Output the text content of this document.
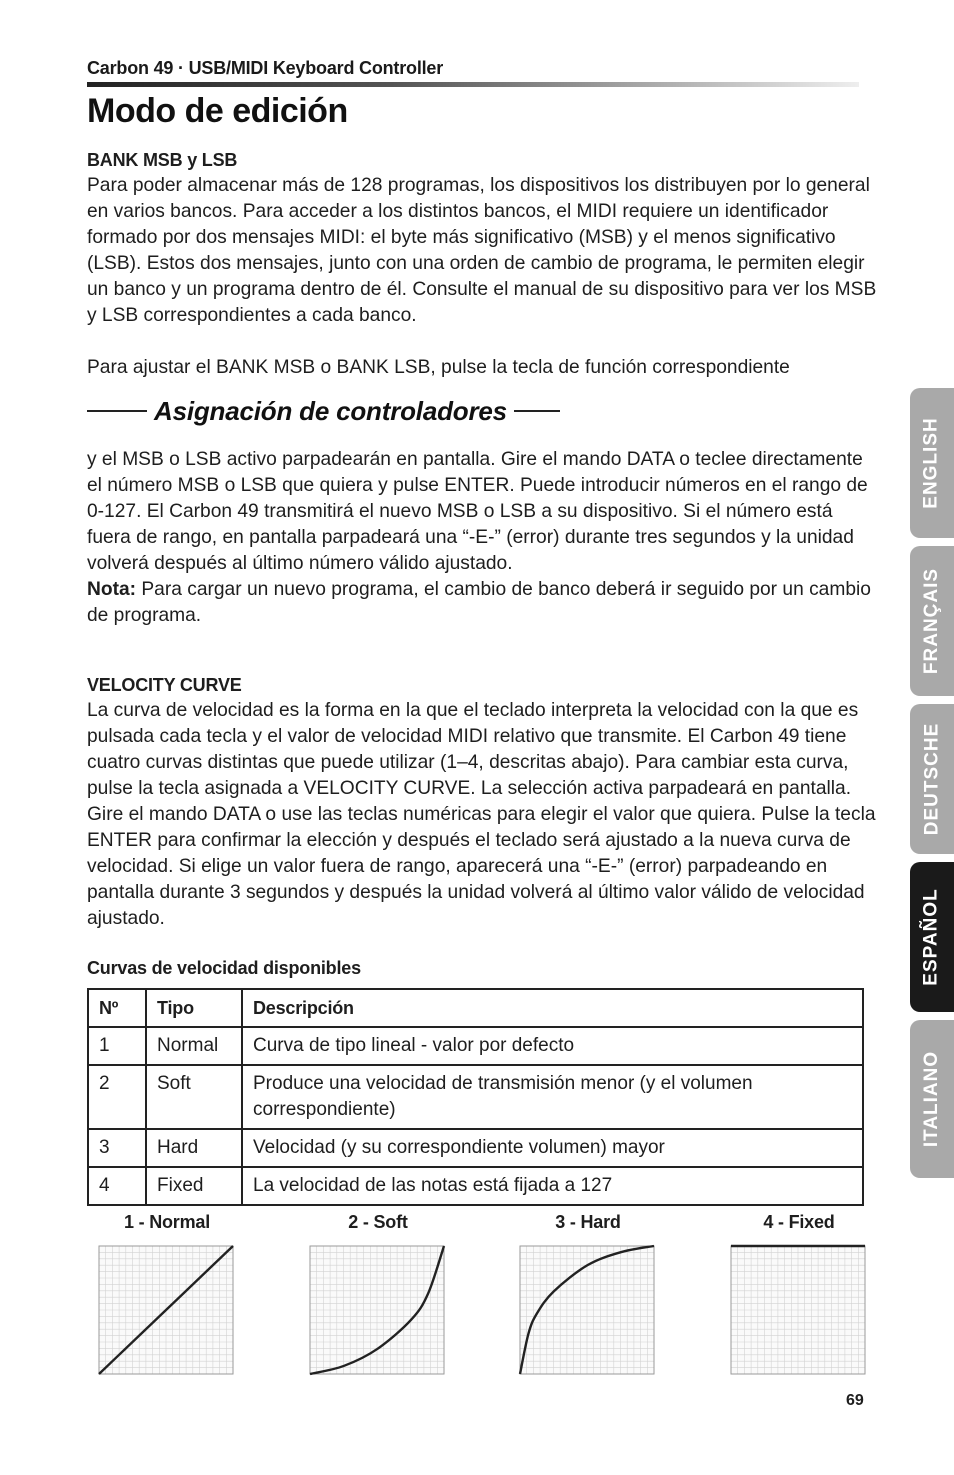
Carbon 49 · USB/MIDI Keyboard Controller
Modo de edición

BANK MSB y LSB

Para poder almacenar más de 128 programas, los dispositivos los distribuyen por lo general en varios bancos. Para acceder a los distintos bancos, el MIDI requiere un identificador formado por dos mensajes MIDI: el byte más significativo (MSB) y el menos significativo (LSB). Estos dos mensajes, junto con una orden de cambio de programa, le permiten elegir un banco y un programa dentro de él. Consulte el manual de su dispositivo para ver los MSB y LSB correspondientes a cada banco.

Para ajustar el BANK MSB o BANK LSB, pulse la tecla de función correspondiente

Asignación de controladores

y el MSB o LSB activo parpadearán en pantalla. Gire el mando DATA o teclee directamente el número MSB o LSB que quiera y pulse ENTER. Puede introducir números en el rango de 0-127. El Carbon 49 transmitirá el nuevo MSB o LSB a su dispositivo. Si el número está fuera de rango, en pantalla parpadeará una “-E-” (error) durante tres segundos y la unidad volverá después al último número válido ajustado.

Nota: Para cargar un nuevo programa, el cambio de banco deberá ir seguido por un cambio de programa.

VELOCITY CURVE

La curva de velocidad es la forma en la que el teclado interpreta la velocidad con la que es pulsada cada tecla y el valor de velocidad MIDI relativo que transmite. El Carbon 49 tiene cuatro curvas distintas que puede utilizar (1–4, descritas abajo). Para cambiar esta curva, pulse la tecla asignada a VELOCITY CURVE. La selección activa parpadeará en pantalla. Gire el mando DATA o use las teclas numéricas para elegir el valor que quiera. Pulse la tecla ENTER para confirmar la elección y después el teclado será ajustado a la nueva curva de velocidad. Si elige un valor fuera de rango, aparecerá una “-E-” (error) parpadeando en pantalla durante 3 segundos y después la unidad volverá al último valor válido de velocidad ajustado.

Curvas de velocidad disponibles
Nº	Tipo	Descripción
1	Normal	Curva de tipo lineal - valor por defecto
2	Soft	Produce una velocidad de transmisión menor (y el volumen correspondiente)
3	Hard	Velocidad (y su correspondiente volumen) mayor
4	Fixed	La velocidad de las notas está fijada a 127
1 - Normal	2 - Soft	3 - Hard	4 - Fixed
ENGLISH
FRANÇAIS
DEUTSCHE
ESPAÑOL
ITALIANO
69
